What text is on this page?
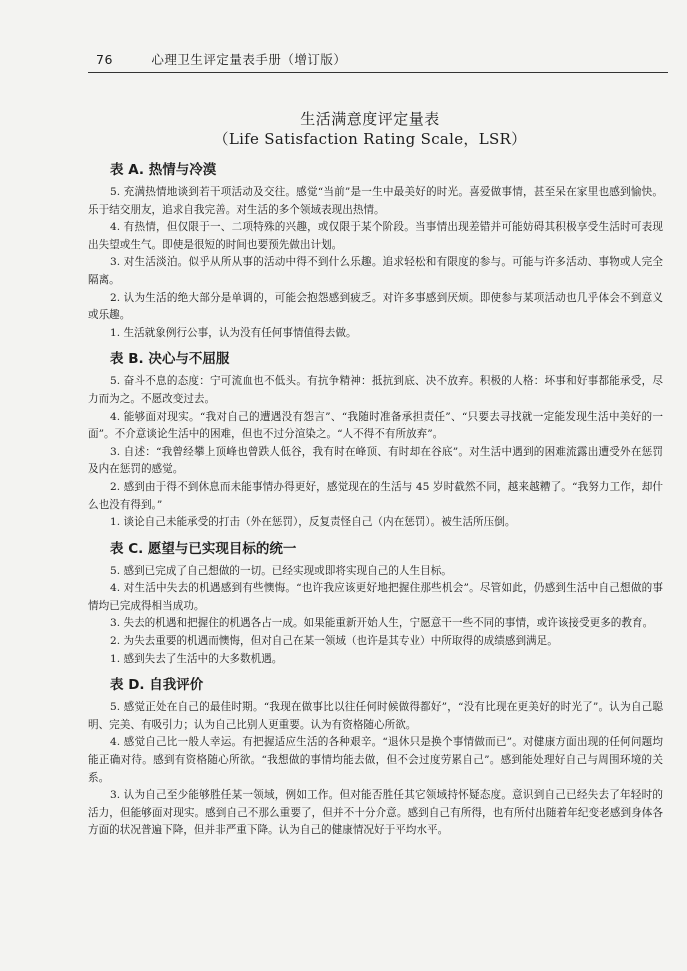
76	心理卫生评定量表手册（增订版）
生活满意度评定量表
（Life Satisfaction Rating Scale，LSR）
表 A. 热情与冷漠

5. 充满热情地谈到若干项活动及交往。感觉“当前”是一生中最美好的时光。喜爱做事情，甚至呆在家里也感到愉快。乐于结交朋友，追求自我完善。对生活的多个领域表现出热情。

4. 有热情，但仅限于一、二项特殊的兴趣，或仅限于某个阶段。当事情出现差错并可能妨碍其积极享受生活时可表现出失望或生气。即使是很短的时间也要预先做出计划。

3. 对生活淡泊。似乎从所从事的活动中得不到什么乐趣。追求轻松和有限度的参与。可能与许多活动、事物或人完全隔离。

2. 认为生活的绝大部分是单调的，可能会抱怨感到疲乏。对许多事感到厌烦。即使参与某项活动也几乎体会不到意义或乐趣。

1. 生活就象例行公事，认为没有任何事情值得去做。

表 B. 决心与不屈服

5. 奋斗不息的态度：宁可流血也不低头。有抗争精神：抵抗到底、决不放弃。积极的人格：坏事和好事都能承受，尽力而为之。不愿改变过去。

4. 能够面对现实。“我对自己的遭遇没有怨言”、“我随时准备承担责任”、“只要去寻找就一定能发现生活中美好的一面”。不介意谈论生活中的困难，但也不过分渲染之。“人不得不有所放弃”。

3. 自述：“我曾经攀上顶峰也曾跌人低谷，我有时在峰顶、有时却在谷底”。对生活中遇到的困难流露出遭受外在惩罚及内在惩罚的感觉。

2. 感到由于得不到休息而未能事情办得更好，感觉现在的生活与 45 岁时截然不同，越来越糟了。“我努力工作，却什么也没有得到。”

1. 谈论自己未能承受的打击（外在惩罚），反复责怪自己（内在惩罚）。被生活所压倒。

表 C. 愿望与已实现目标的统一

5. 感到已完成了自己想做的一切。已经实现或即将实现自己的人生目标。

4. 对生活中失去的机遇感到有些懊悔。“也许我应该更好地把握住那些机会”。尽管如此，仍感到生活中自己想做的事情均已完成得相当成功。

3. 失去的机遇和把握住的机遇各占一成。如果能重新开始人生，宁愿意干一些不同的事情，或许该接受更多的教育。

2. 为失去重要的机遇而懊悔，但对自己在某一领域（也许是其专业）中所取得的成绩感到满足。

1. 感到失去了生活中的大多数机遇。

表 D. 自我评价

5. 感觉正处在自己的最佳时期。“我现在做事比以往任何时候做得都好”，“没有比现在更美好的时光了”。认为自己聪明、完美、有吸引力；认为自己比别人更重要。认为有资格随心所欲。

4. 感觉自己比一般人幸运。有把握适应生活的各种艰辛。“退休只是换个事情做而已”。对健康方面出现的任何问题均能正确对待。感到有资格随心所欲。“我想做的事情均能去做，但不会过度劳累自己”。感到能处理好自己与周围环境的关系。

3. 认为自己至少能够胜任某一领域，例如工作。但对能否胜任其它领域持怀疑态度。意识到自己已经失去了年轻时的活力，但能够面对现实。感到自己不那么重要了，但并不十分介意。感到自己有所得，也有所付出随着年纪变老感到身体各方面的状况普遍下降，但并非严重下降。认为自己的健康情况好于平均水平。
